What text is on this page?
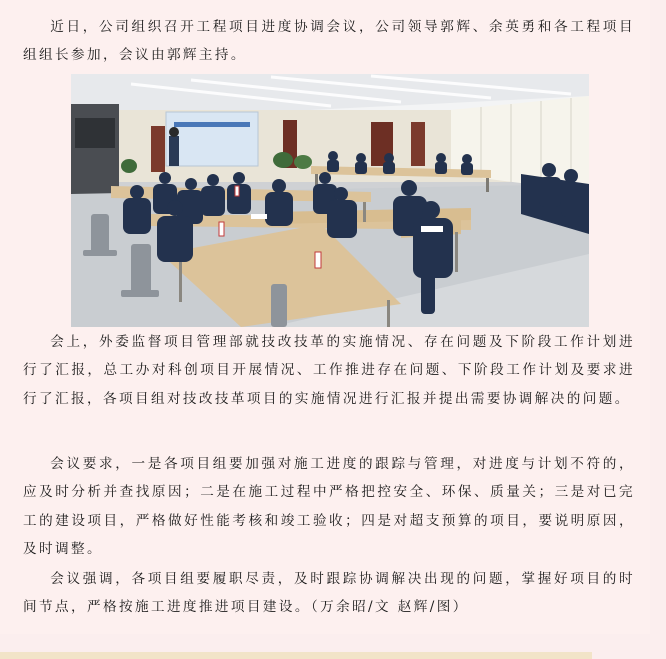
近日，公司组织召开工程项目进度协调会议，公司领导郭辉、余英勇和各工程项目组组长参加，会议由郭辉主持。

会上，外委监督项目管理部就技改技革的实施情况、存在问题及下阶段工作计划进行了汇报，总工办对科创项目开展情况、工作推进存在问题、下阶段工作计划及要求进行了汇报，各项目组对技改技革项目的实施情况进行汇报并提出需要协调解决的问题。

会议要求，一是各项目组要加强对施工进度的跟踪与管理，对进度与计划不符的，应及时分析并查找原因；二是在施工过程中严格把控安全、环保、质量关；三是对已完工的建设项目，严格做好性能考核和竣工验收；四是对超支预算的项目，要说明原因，及时调整。

会议强调，各项目组要履职尽责，及时跟踪协调解决出现的问题，掌握好项目的时间节点，严格按施工进度推进项目建设。（万余昭/文 赵辉/图）
